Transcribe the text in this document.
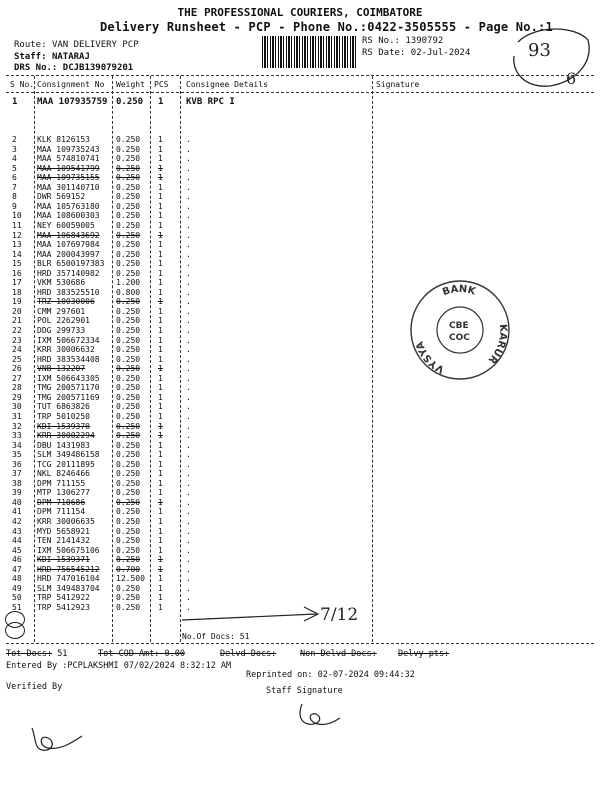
THE PROFESSIONAL COURIERS, COIMBATORE
Delivery Runsheet - PCP - Phone No.:0422-3505555 - Page No.:1
Route: VAN DELIVERY PCP
Staff: NATARAJ
DRS No.: DCJB139079201
RS No.: 1390792
RS Date: 02-Jul-2024	93
6
S No. Consignment No Weight PCS Consignee Details	Signature
1 MAA 107935759 0.250 1	KVB RPC I
2	KLK 8126153	0.250 1	.
3	MAA 109735243 0.250 1	.
4	MAA 574810741 0.250 1	.
5	MAA 109541799 0.250 1	.
6	MAA 109735155 0.250 1	.
7	MAA 301140710 0.250 1	.
8	DWR 569152	0.250 1	.
9	MAA 105763180 0.250 1	.
10 MAA 108600303 0.250 1	.
11 NEY 60059005	0.250 1	.
12 MAA 106843692 0.250 1	.
13 MAA 107697984 0.250 1	.
14 MAA 200043997 0.250 1	.
15 BLR 6500197383 0.250 1	.
16 HRD 357140982 0.250 1	.
17 VKM 530686	1.200 1	.
18 HRD 383525510 0.800 1	.
19 TRZ 10030006	0.250 1	.
20 CMM 297601	0.250 1	.
21 POL 2262901	0.250 1	.
22 DDG 299733	0.250 1	.
23 IXM 506672334 0.250 1	.
24 KRR 30006632	0.250 1	.
25 HRD 383534408 0.250 1	.
26 VNB 132207	0.250 1	.
27 IXM 506643305 0.250 1	.
28 TMG 200571170 0.250 1	.
29 TMG 200571169 0.250 1	.
30 TUT 6863826	0.250 1	.
31 TRP 5010250	0.250 1	.
32 KDI 1539370	0.250 1	.
33 KRR 30002294	0.250 1	.
34 DBU 1431983	0.250 1	.
35 SLM 349486158 0.250 1	.
36 TCG 20111895	0.250 1	.
37 NKL 8246466	0.250 1	.
38 DPM 711155	0.250 1	.
39 MTP 1306277	0.250 1	.
40 DPM 710686	0.250 1	.
41 DPM 711154	0.250 1	.
42 KRR 30006635	0.250 1	.
43 MYD 5658921	0.250 1	.
44 TEN 2141432	0.250 1	.
45 IXM 506675106 0.250 1	.
46 KDI 1539371	0.250 1	.
47 HRD 756545212 0.700 1	.
48 HRD 747016104 12.500 1	.
49 SLM 349483704 0.250 1	.
50 TRP 5412922	0.250 1	.
51 TRP 5412923	0.250 1	.
No.Of Docs: 51
7/12
BANK
VYSYA
KARUR
CBE
COC
Tot Docs: 51	Tot COD Amt: 0.00	Delvd Docs:	Non Delvd Docs: Delvy pts:
Entered By :PCPLAKSHMI 07/02/2024 8:32:12 AM
Reprinted on: 02-07-2024 09:44:32
Verified By	Staff Signature
